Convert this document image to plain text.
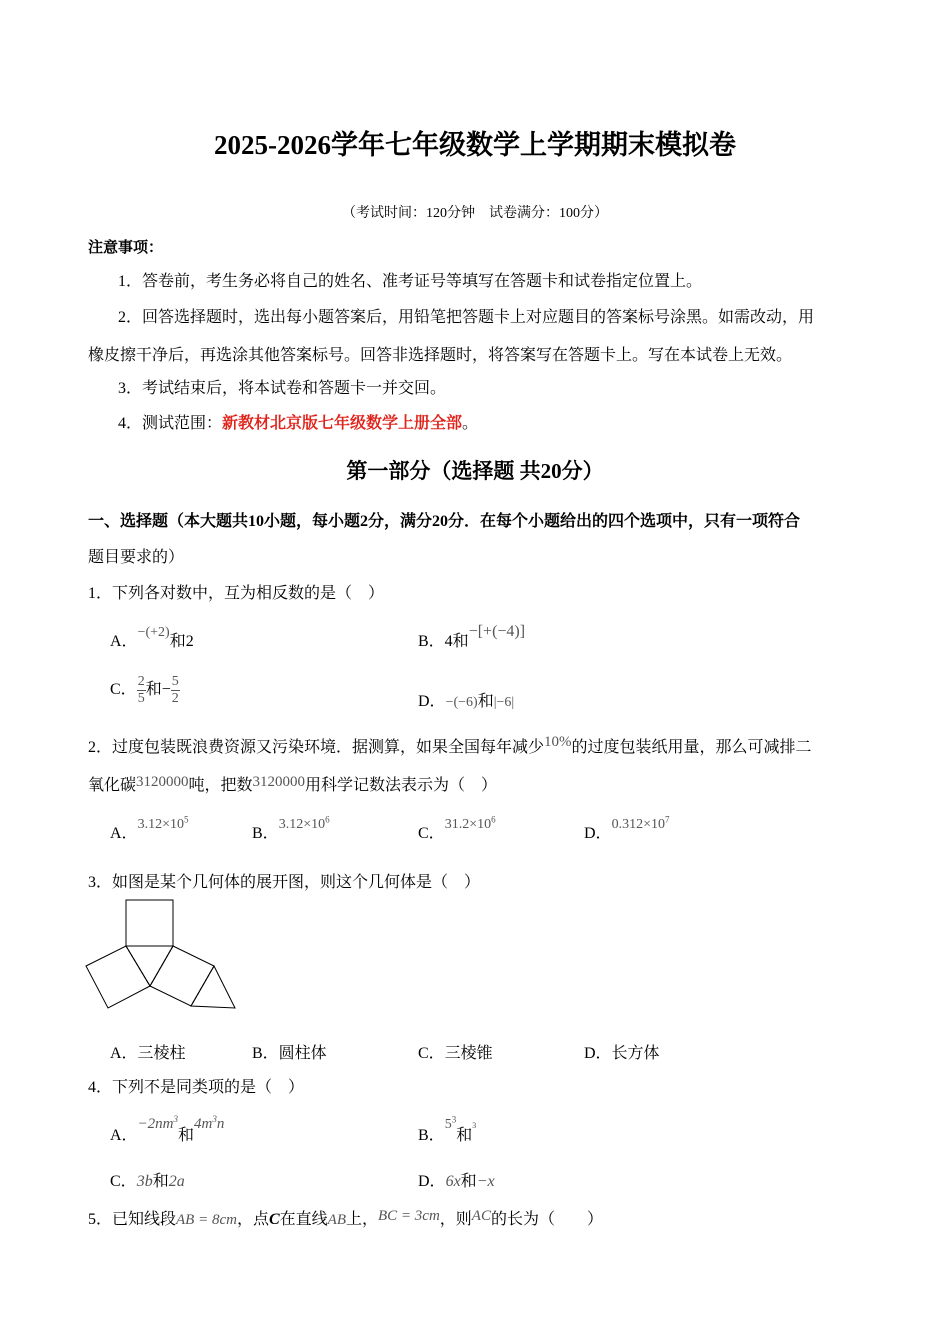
2025-2026学年七年级数学上学期期末模拟卷
（考试时间：120分钟　试卷满分：100分）
注意事项：
1．答卷前，考生务必将自己的姓名、准考证号等填写在答题卡和试卷指定位置上。
2．回答选择题时，选出每小题答案后，用铅笔把答题卡上对应题目的答案标号涂黑。如需改动，用
橡皮擦干净后，再选涂其他答案标号。回答非选择题时，将答案写在答题卡上。写在本试卷上无效。
3．考试结束后，将本试卷和答题卡一并交回。
4．测试范围：新教材北京版七年级数学上册全部。
第一部分（选择题 共20分）
一、选择题（本大题共10小题，每小题2分，满分20分．在每个小题给出的四个选项中，只有一项符合
题目要求的）
1．下列各对数中，互为相反数的是（　）
A．−(+2)和2	B．4和−[+(−4)]
C． $\frac{2}{5}$ 和− $\frac{5}{2}$	D．−(−6)和|−6|
2．过度包装既浪费资源又污染环境．据测算，如果全国每年减少10%的过度包装纸用量，那么可减排二
氧化碳3120000吨，把数3120000用科学记数法表示为（　）
A．$3.12\times 10^5$
B．$3.12\times 10^6$
C．$31.2\times 10^6$
D．$0.312\times 10^7$
3．如图是某个几何体的展开图，则这个几何体是（　）
A．三棱柱	B．圆柱体	C．三棱锥	D．长方体
4．下列不是同类项的是（　）
A．$-2nm^3$和$4m^3n$
B．$5^3$和$^3$
C．3b和2a	D．6x和−x
5．已知线段AB = 8cm，点C在直线AB上，BC = 3cm，则AC的长为（　　）
